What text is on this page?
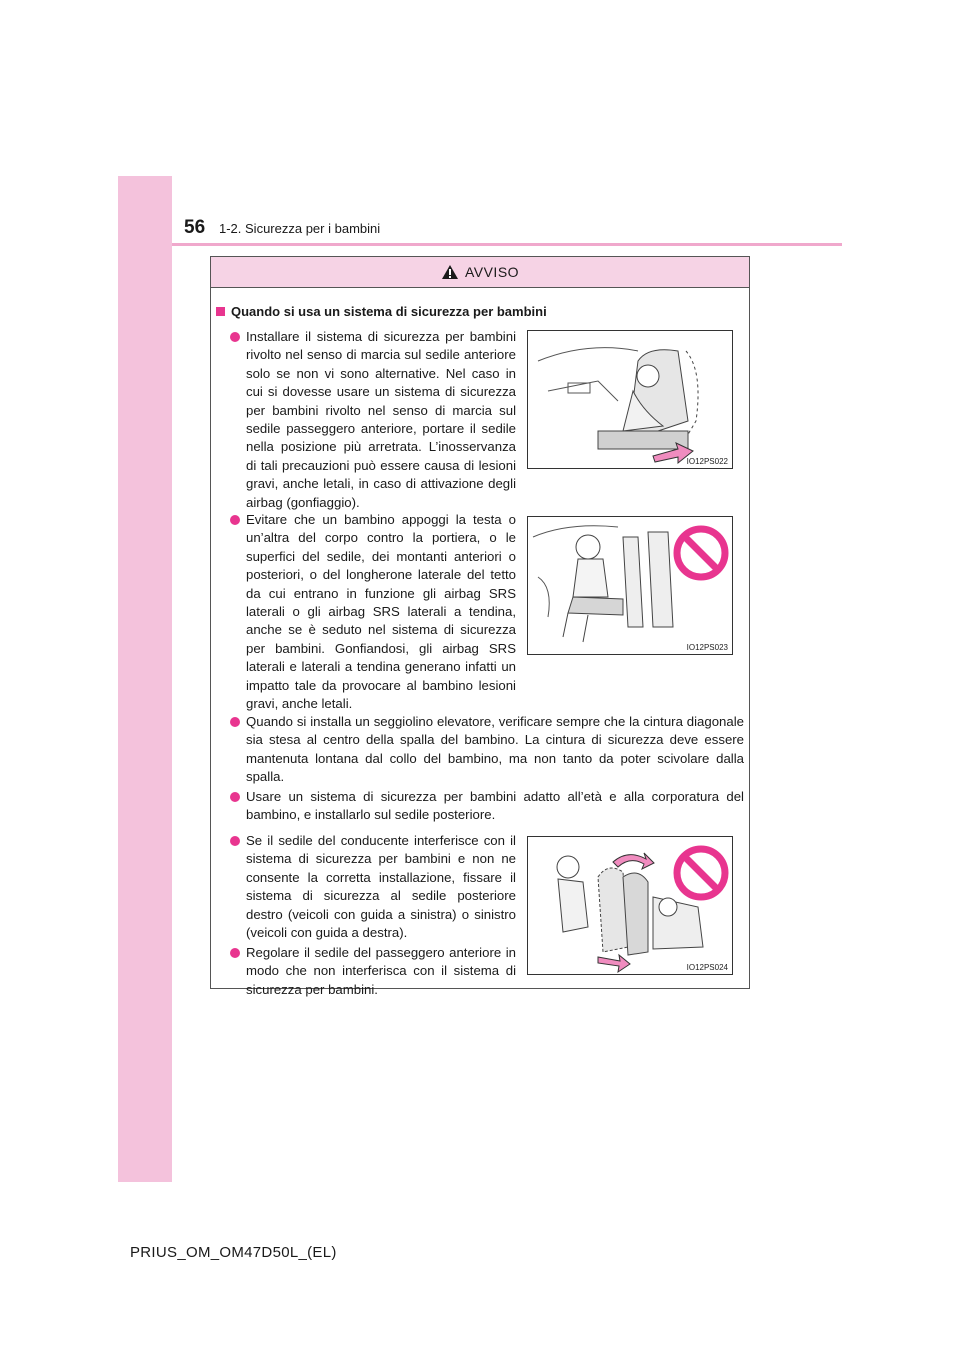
56 1-2. Sicurezza per i bambini
AVVISO
Quando si usa un sistema di sicurezza per bambini
Installare il sistema di sicurezza per bambini rivolto nel senso di marcia sul sedile anteriore solo se non vi sono alternative. Nel caso in cui si dovesse usare un sistema di sicurezza per bambini rivolto nel senso di marcia sul sedile passeggero anteriore, portare il sedile nella posizione più arretrata. L’inosservanza di tali precauzioni può essere causa di lesioni gravi, anche letali, in caso di attivazione degli airbag (gonfiaggio).
IO12PS022
Evitare che un bambino appoggi la testa o un’altra del corpo contro la portiera, o le superfici del sedile, dei montanti anteriori o posteriori, o del longherone laterale del tetto da cui entrano in funzione gli airbag SRS laterali o gli airbag SRS laterali a tendina, anche se è seduto nel sistema di sicurezza per bambini. Gonfiandosi, gli airbag SRS laterali e laterali a tendina generano infatti un impatto tale da provocare al bambino lesioni gravi, anche letali.
IO12PS023
Quando si installa un seggiolino elevatore, verificare sempre che la cintura diagonale sia stesa al centro della spalla del bambino. La cintura di sicurezza deve essere mantenuta lontana dal collo del bambino, ma non tanto da poter scivolare dalla spalla.
Usare un sistema di sicurezza per bambini adatto all’età e alla corporatura del bambino, e installarlo sul sedile posteriore.
Se il sedile del conducente interferisce con il sistema di sicurezza per bambini e non ne consente la corretta installazione, fissare il sistema di sicurezza al sedile posteriore destro (veicoli con guida a sinistra) o sinistro (veicoli con guida a destra).
Regolare il sedile del passeggero anteriore in modo che non interferisca con il sistema di sicurezza per bambini.
IO12PS024
PRIUS_OM_OM47D50L_(EL)
